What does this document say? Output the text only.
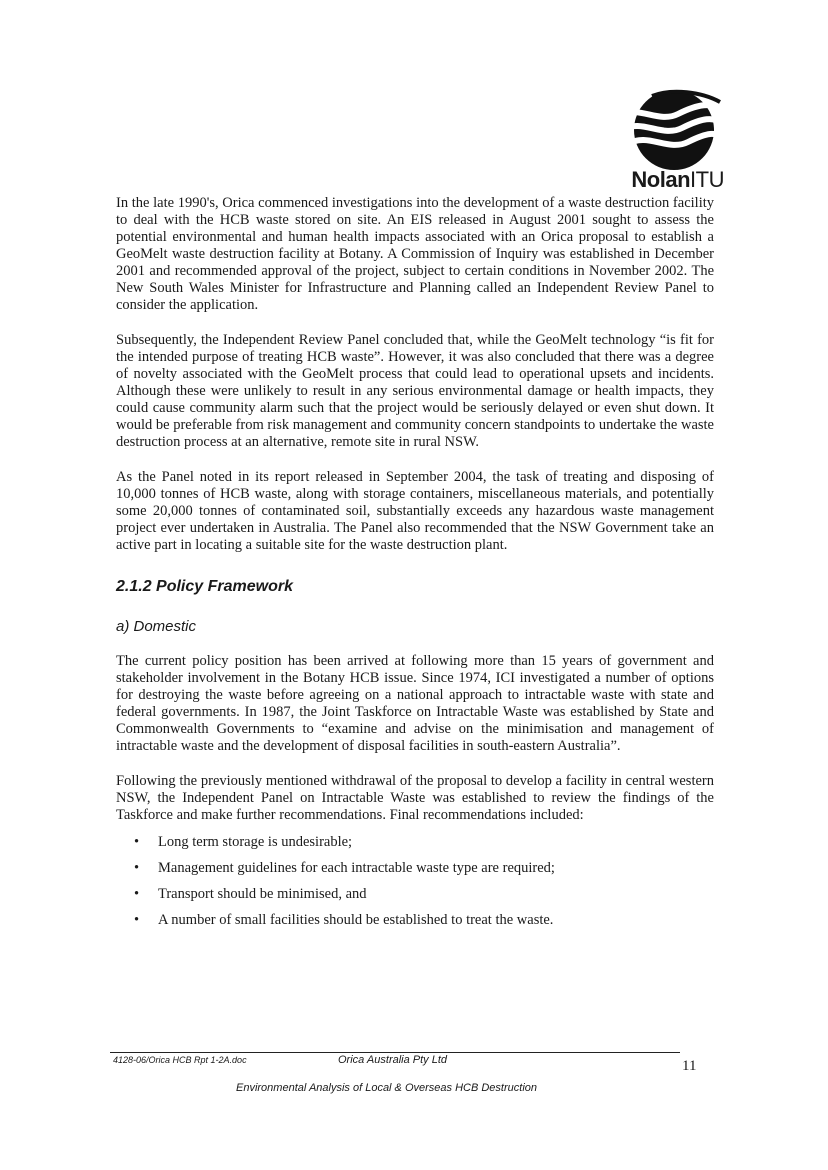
NolanITU

In the late 1990's, Orica commenced investigations into the development of a waste destruction facility to deal with the HCB waste stored on site. An EIS released in August 2001 sought to assess the potential environmental and human health impacts associated with an Orica proposal to establish a GeoMelt waste destruction facility at Botany. A Commission of Inquiry was established in December 2001 and recommended approval of the project, subject to certain conditions in November 2002. The New South Wales Minister for Infrastructure and Planning called an Independent Review Panel to consider the application.

Subsequently, the Independent Review Panel concluded that, while the GeoMelt technology “is fit for the intended purpose of treating HCB waste”. However, it was also concluded that there was a degree of novelty associated with the GeoMelt process that could lead to operational upsets and incidents. Although these were unlikely to result in any serious environmental damage or health impacts, they could cause community alarm such that the project would be seriously delayed or even shut down. It would be preferable from risk management and community concern standpoints to undertake the waste destruction process at an alternative, remote site in rural NSW.

As the Panel noted in its report released in September 2004, the task of treating and disposing of 10,000 tonnes of HCB waste, along with storage containers, miscellaneous materials, and potentially some 20,000 tonnes of contaminated soil, substantially exceeds any hazardous waste management project ever undertaken in Australia. The Panel also recommended that the NSW Government take an active part in locating a suitable site for the waste destruction plant.

2.1.2 Policy Framework
a) Domestic

The current policy position has been arrived at following more than 15 years of government and stakeholder involvement in the Botany HCB issue. Since 1974, ICI investigated a number of options for destroying the waste before agreeing on a national approach to intractable waste with state and federal governments. In 1987, the Joint Taskforce on Intractable Waste was established by State and Commonwealth Governments to “examine and advise on the minimisation and management of intractable waste and the development of disposal facilities in south-eastern Australia”.

Following the previously mentioned withdrawal of the proposal to develop a facility in central western NSW, the Independent Panel on Intractable Waste was established to review the findings of the Taskforce and make further recommendations. Final recommendations included:

• Long term storage is undesirable;
• Management guidelines for each intractable waste type are required;
• Transport should be minimised, and
• A number of small facilities should be established to treat the waste.
4128-06/Orica HCB Rpt 1-2A.doc	Orica Australia Pty Ltd	11
Environmental Analysis of Local & Overseas HCB Destruction
